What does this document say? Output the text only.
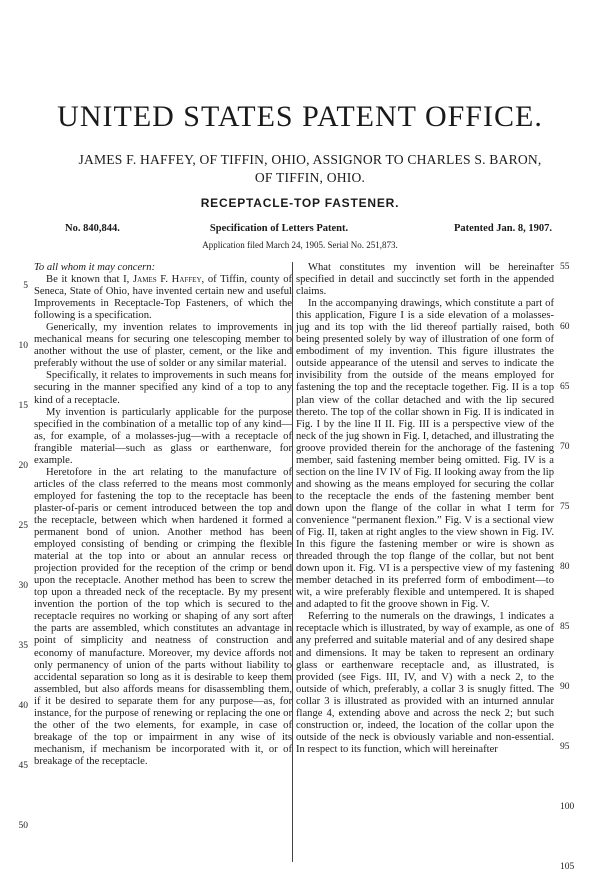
UNITED STATES PATENT OFFICE.
JAMES F. HAFFEY, OF TIFFIN, OHIO, ASSIGNOR TO CHARLES S. BARON,
OF TIFFIN, OHIO.
RECEPTACLE-TOP FASTENER.
No. 840,844.	Specification of Letters Patent.	Patented Jan. 8, 1907.
Application filed March 24, 1905. Serial No. 251,873.

To all whom it may concern:

Be it known that I, James F. Haffey, of Tiffin, county of Seneca, State of Ohio, have invented certain new and useful Improvements in Receptacle-Top Fasteners, of which the following is a specification.

Generically, my invention relates to improvements in mechanical means for securing one telescoping member to another without the use of plaster, cement, or the like and preferably without the use of solder or any similar material.

Specifically, it relates to improvements in such means for securing in the manner specified any kind of a top to any kind of a receptacle.

My invention is particularly applicable for the purpose specified in the combination of a metallic top of any kind—as, for example, of a molasses-jug—with a receptacle of frangible material—such as glass or earthenware, for example.

Heretofore in the art relating to the manufacture of articles of the class referred to the means most commonly employed for fastening the top to the receptacle has been plaster-of-paris or cement introduced between the top and the receptacle, between which when hardened it formed a permanent bond of union. Another method has been employed consisting of bending or crimping the flexible material at the top into or about an annular recess or projection provided for the reception of the crimp or bend upon the receptacle. Another method has been to screw the top upon a threaded neck of the receptacle. By my present invention the portion of the top which is secured to the receptacle requires no working or shaping of any sort after the parts are assembled, which constitutes an advantage in point of simplicity and neatness of construction and economy of manufacture. Moreover, my device affords not only permanency of union of the parts without liability to accidental separation so long as it is desirable to keep them assembled, but also affords means for disassembling them, if it be desired to separate them for any purpose—as, for instance, for the purpose of renewing or replacing the one or the other of the two elements, for example, in case of breakage of the top or impairment in any wise of its mechanism, if mechanism be incorporated with it, or of breakage of the receptacle.

What constitutes my invention will be hereinafter specified in detail and succinctly set forth in the appended claims.

In the accompanying drawings, which constitute a part of this application, Figure I is a side elevation of a molasses-jug and its top with the lid thereof partially raised, both being presented solely by way of illustration of one form of embodiment of my invention. This figure illustrates the outside appearance of the utensil and serves to indicate the invisibility from the outside of the means employed for fastening the top and the receptacle together. Fig. II is a top plan view of the collar detached and with the lip secured thereto. The top of the collar shown in Fig. II is indicated in Fig. I by the line II II. Fig. III is a perspective view of the neck of the jug shown in Fig. I, detached, and illustrating the groove provided therein for the anchorage of the fastening member, said fastening member being omitted. Fig. IV is a section on the line IV IV of Fig. II looking away from the lip and showing as the means employed for securing the collar to the receptacle the ends of the fastening member bent down upon the flange of the collar in what I term for convenience “permanent flexion.” Fig. V is a sectional view of Fig. II, taken at right angles to the view shown in Fig. IV. In this figure the fastening member or wire is shown as threaded through the top flange of the collar, but not bent down upon it. Fig. VI is a perspective view of my fastening member detached in its preferred form of embodiment—to wit, a wire preferably flexible and untempered. It is shaped and adapted to fit the groove shown in Fig. V.

Referring to the numerals on the drawings, 1 indicates a receptacle which is illustrated, by way of example, as one of any preferred and suitable material and of any desired shape and dimensions. It may be taken to represent an ordinary glass or earthenware receptacle and, as illustrated, is provided (see Figs. III, IV, and V) with a neck 2, to the outside of which, preferably, a collar 3 is snugly fitted. The collar 3 is illustrated as provided with an inturned annular flange 4, extending above and across the neck 2; but such construction or, indeed, the location of the collar upon the outside of the neck is obviously variable and non-essential. In respect to its function, which will hereinafter

5
10
15
20
25
30
35
40
45
50
55
60
65
70
75
80
85
90
95
100
105
